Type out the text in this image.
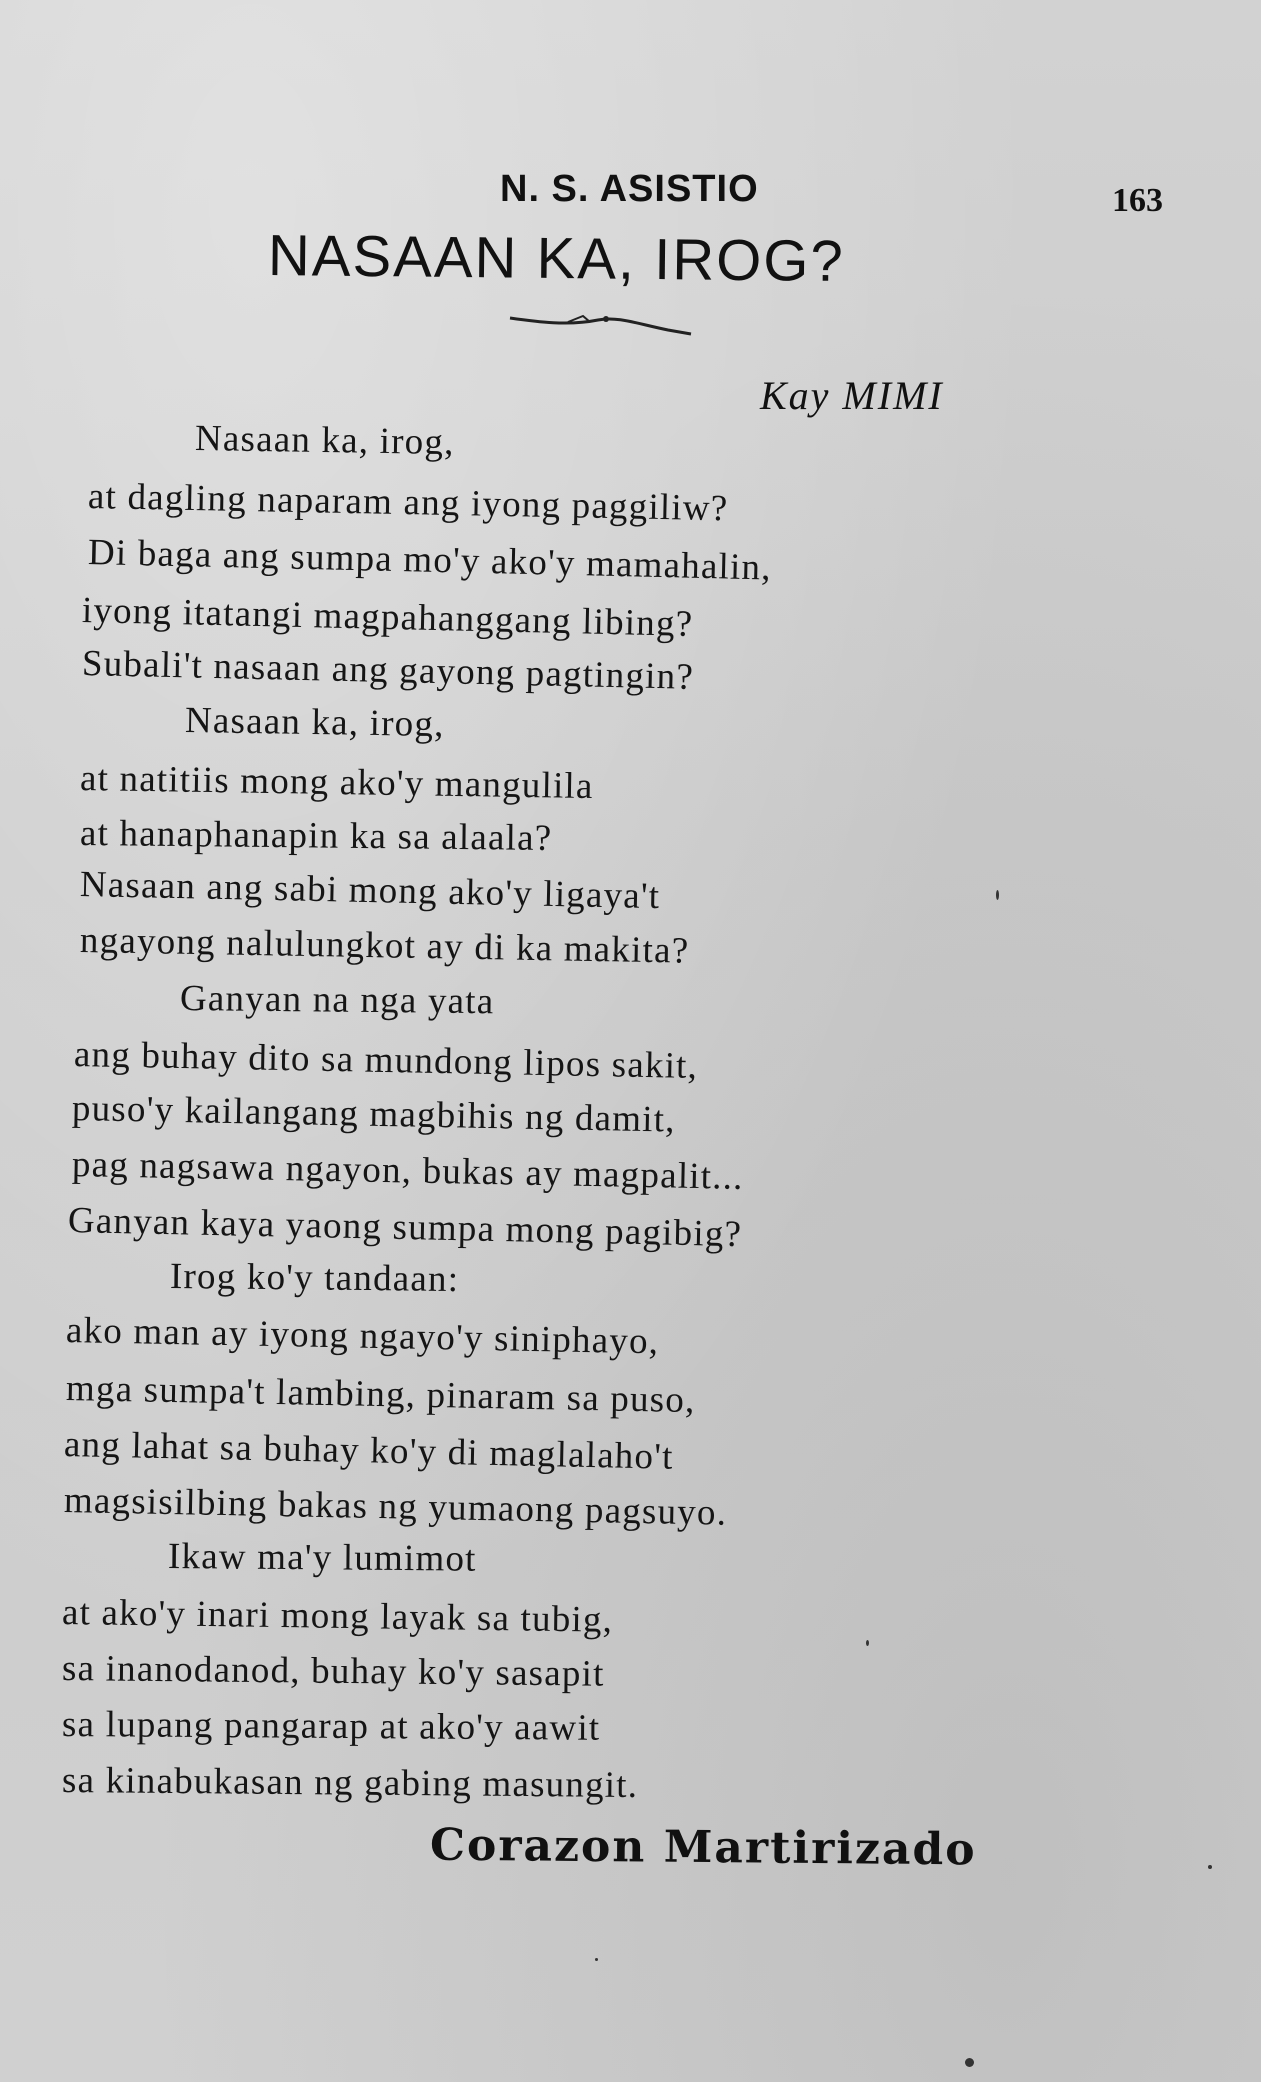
N. S. ASISTIO	163
NASAAN KA, IROG?
Kay MIMI
Nasaan ka, irog,
at dagling naparam ang iyong paggiliw?
Di baga ang sumpa mo'y ako'y mamahalin,
iyong itatangi magpahanggang libing?
Subali't nasaan ang gayong pagtingin?
Nasaan ka, irog,
at natitiis mong ako'y mangulila
at hanaphanapin ka sa alaala?
Nasaan ang sabi mong ako'y ligaya't
ngayong nalulungkot ay di ka makita?
Ganyan na nga yata
ang buhay dito sa mundong lipos sakit,
puso'y kailangang magbihis ng damit,
pag nagsawa ngayon, bukas ay magpalit...
Ganyan kaya yaong sumpa mong pagibig?
Irog ko'y tandaan:
ako man ay iyong ngayo'y siniphayo,
mga sumpa't lambing, pinaram sa puso,
ang lahat sa buhay ko'y di maglalaho't
magsisilbing bakas ng yumaong pagsuyo.
Ikaw ma'y lumimot
at ako'y inari mong layak sa tubig,
sa inanodanod, buhay ko'y sasapit
sa lupang pangarap at ako'y aawit
sa kinabukasan ng gabing masungit.
Corazon Martirizado
